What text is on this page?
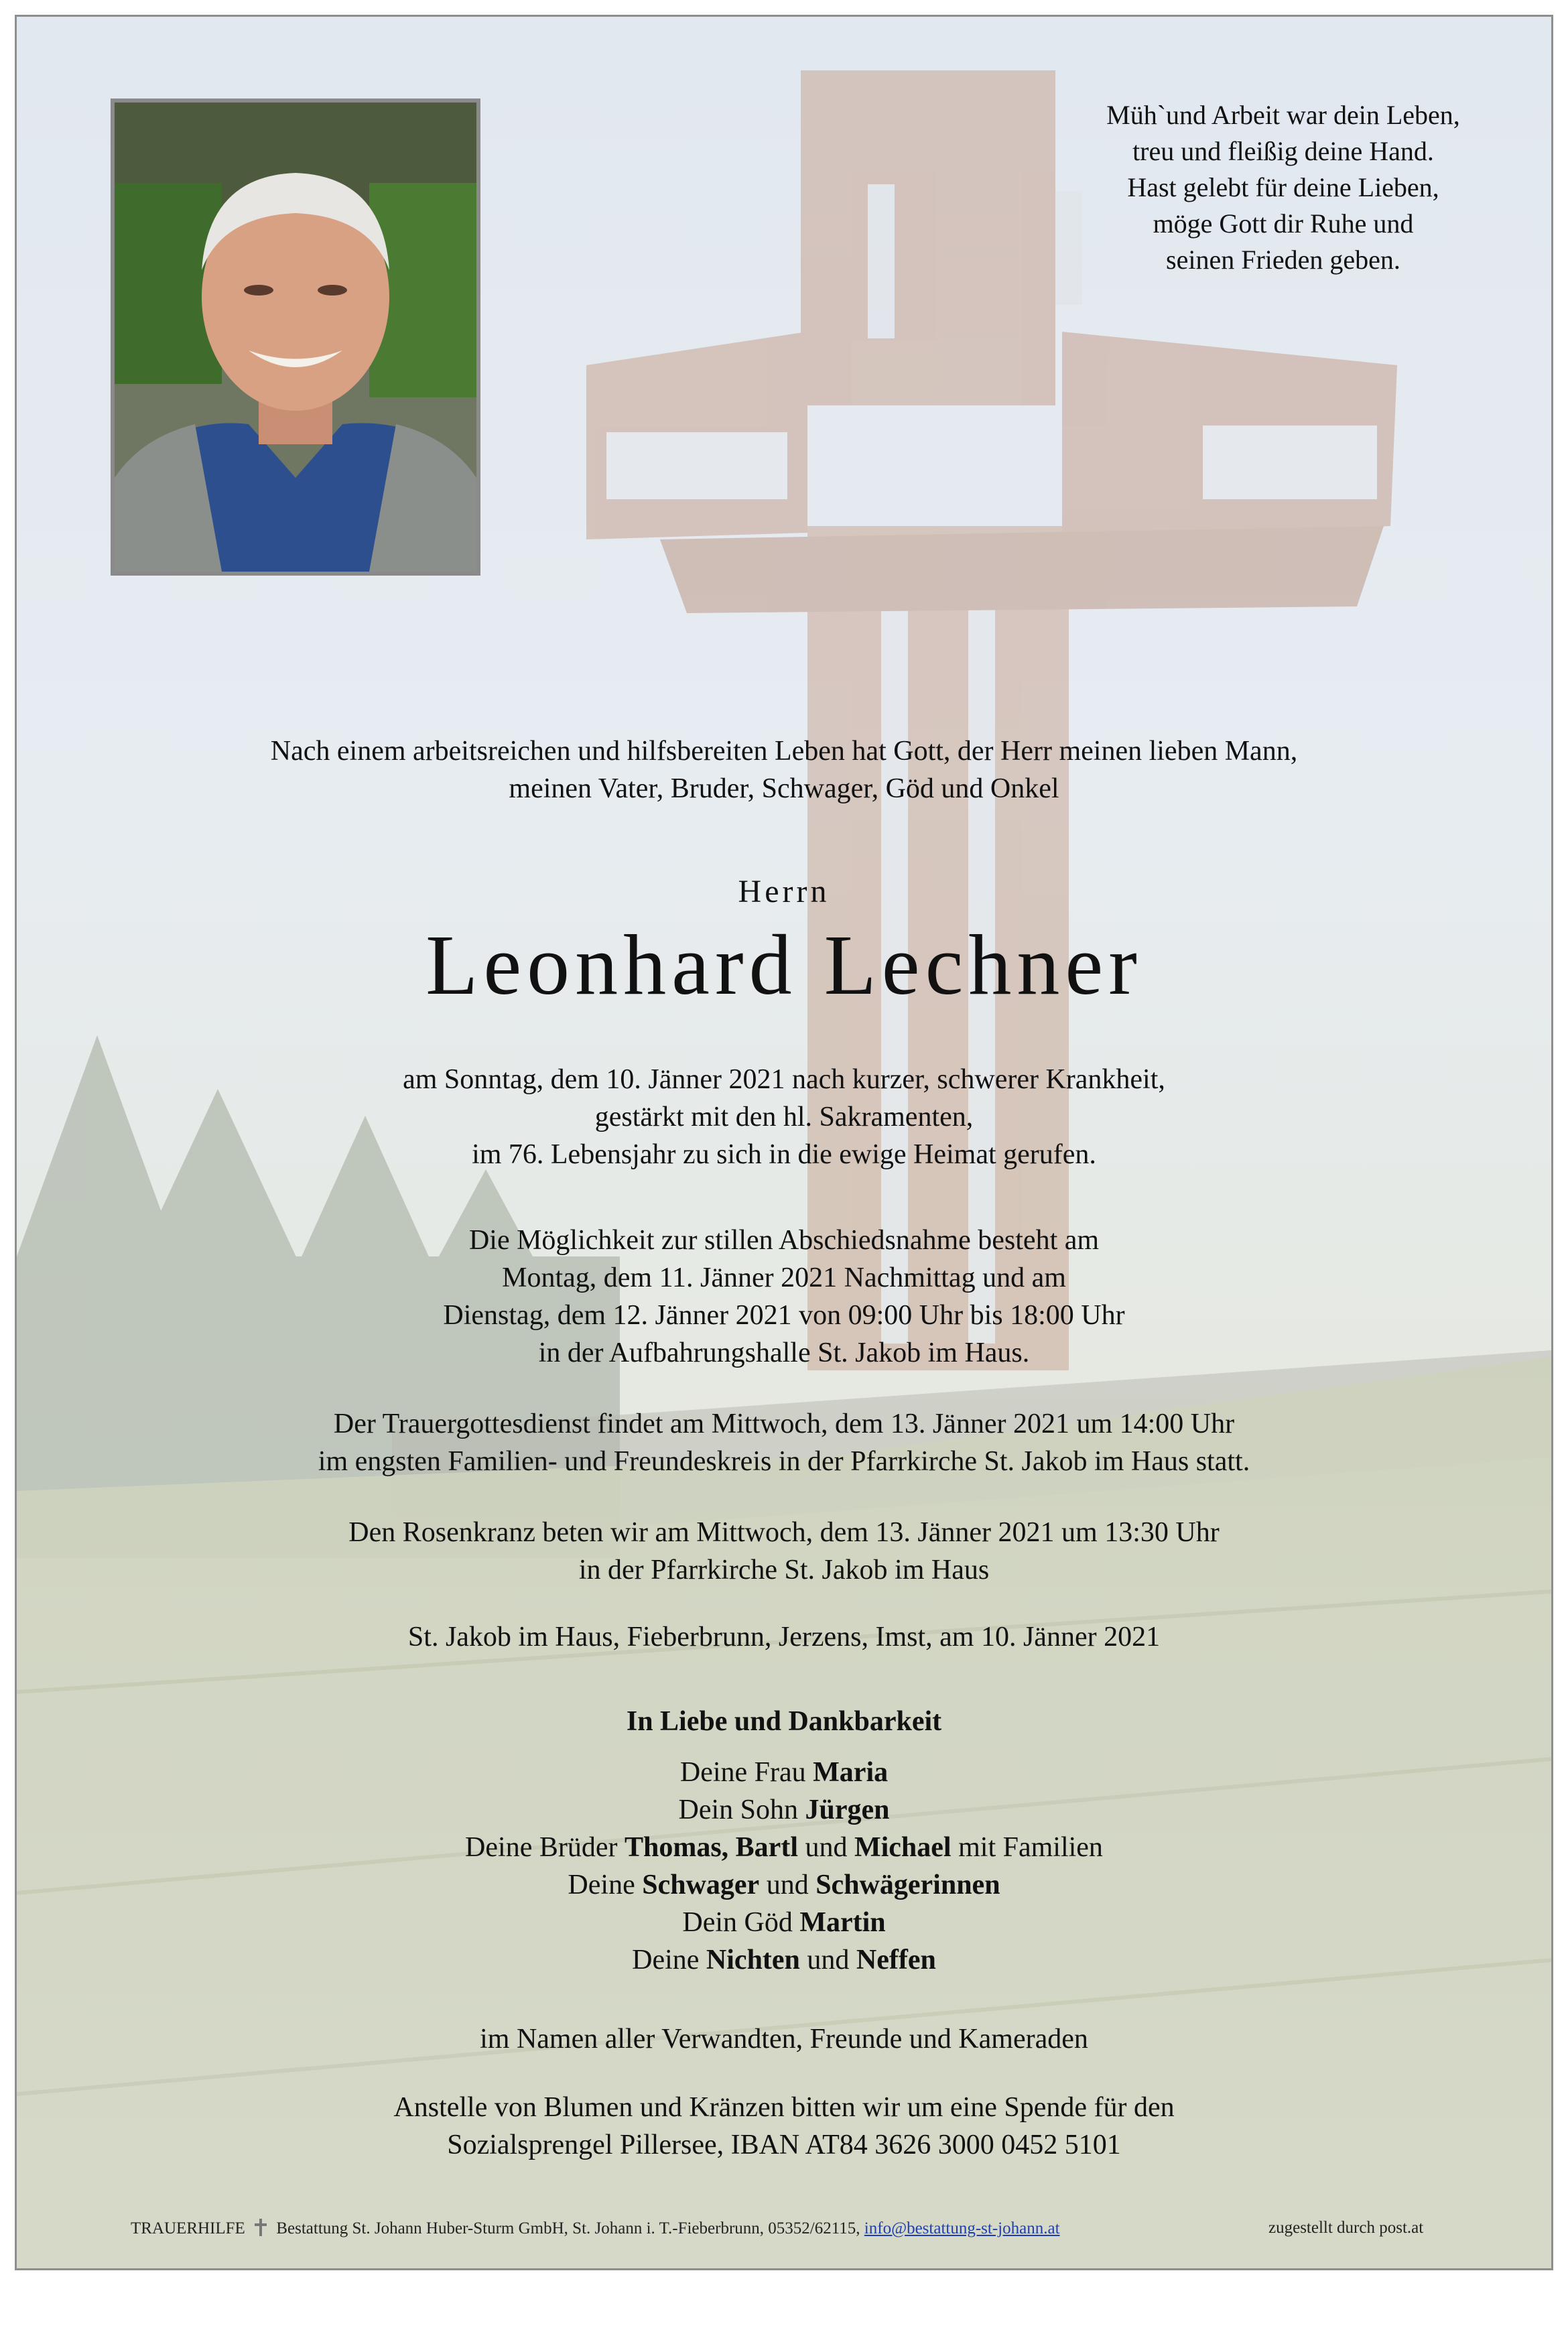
Müh`und Arbeit war dein Leben,
treu und fleißig deine Hand.
Hast gelebt für deine Lieben,
möge Gott dir Ruhe und
seinen Frieden geben.
Nach einem arbeitsreichen und hilfsbereiten Leben hat Gott, der Herr meinen lieben Mann,
meinen Vater, Bruder, Schwager, Göd und Onkel
Herrn
Leonhard Lechner
am Sonntag, dem 10. Jänner 2021 nach kurzer, schwerer Krankheit,
gestärkt mit den hl. Sakramenten,
im 76. Lebensjahr zu sich in die ewige Heimat gerufen.
Die Möglichkeit zur stillen Abschiedsnahme besteht am
Montag, dem 11. Jänner 2021 Nachmittag und am
Dienstag, dem 12. Jänner 2021 von 09:00 Uhr bis 18:00 Uhr
in der Aufbahrungshalle St. Jakob im Haus.
Der Trauergottesdienst findet am Mittwoch, dem 13. Jänner 2021 um 14:00 Uhr
im engsten Familien- und Freundeskreis in der Pfarrkirche St. Jakob im Haus statt.
Den Rosenkranz beten wir am Mittwoch, dem 13. Jänner 2021 um 13:30 Uhr
in der Pfarrkirche St. Jakob im Haus
St. Jakob im Haus, Fieberbrunn, Jerzens, Imst, am 10. Jänner 2021
In Liebe und Dankbarkeit
Deine Frau Maria
Dein Sohn Jürgen
Deine Brüder Thomas, Bartl und Michael mit Familien
Deine Schwager und Schwägerinnen
Dein Göd Martin
Deine Nichten und Neffen
im Namen aller Verwandten, Freunde und Kameraden
Anstelle von Blumen und Kränzen bitten wir um eine Spende für den
Sozialsprengel Pillersee, IBAN AT84 3626 3000 0452 5101
TRAUERHILFE Bestattung St. Johann Huber-Sturm GmbH, St. Johann i. T.-Fieberbrunn, 05352/62115, info@bestattung-st-johann.at	zugestellt durch post.at
